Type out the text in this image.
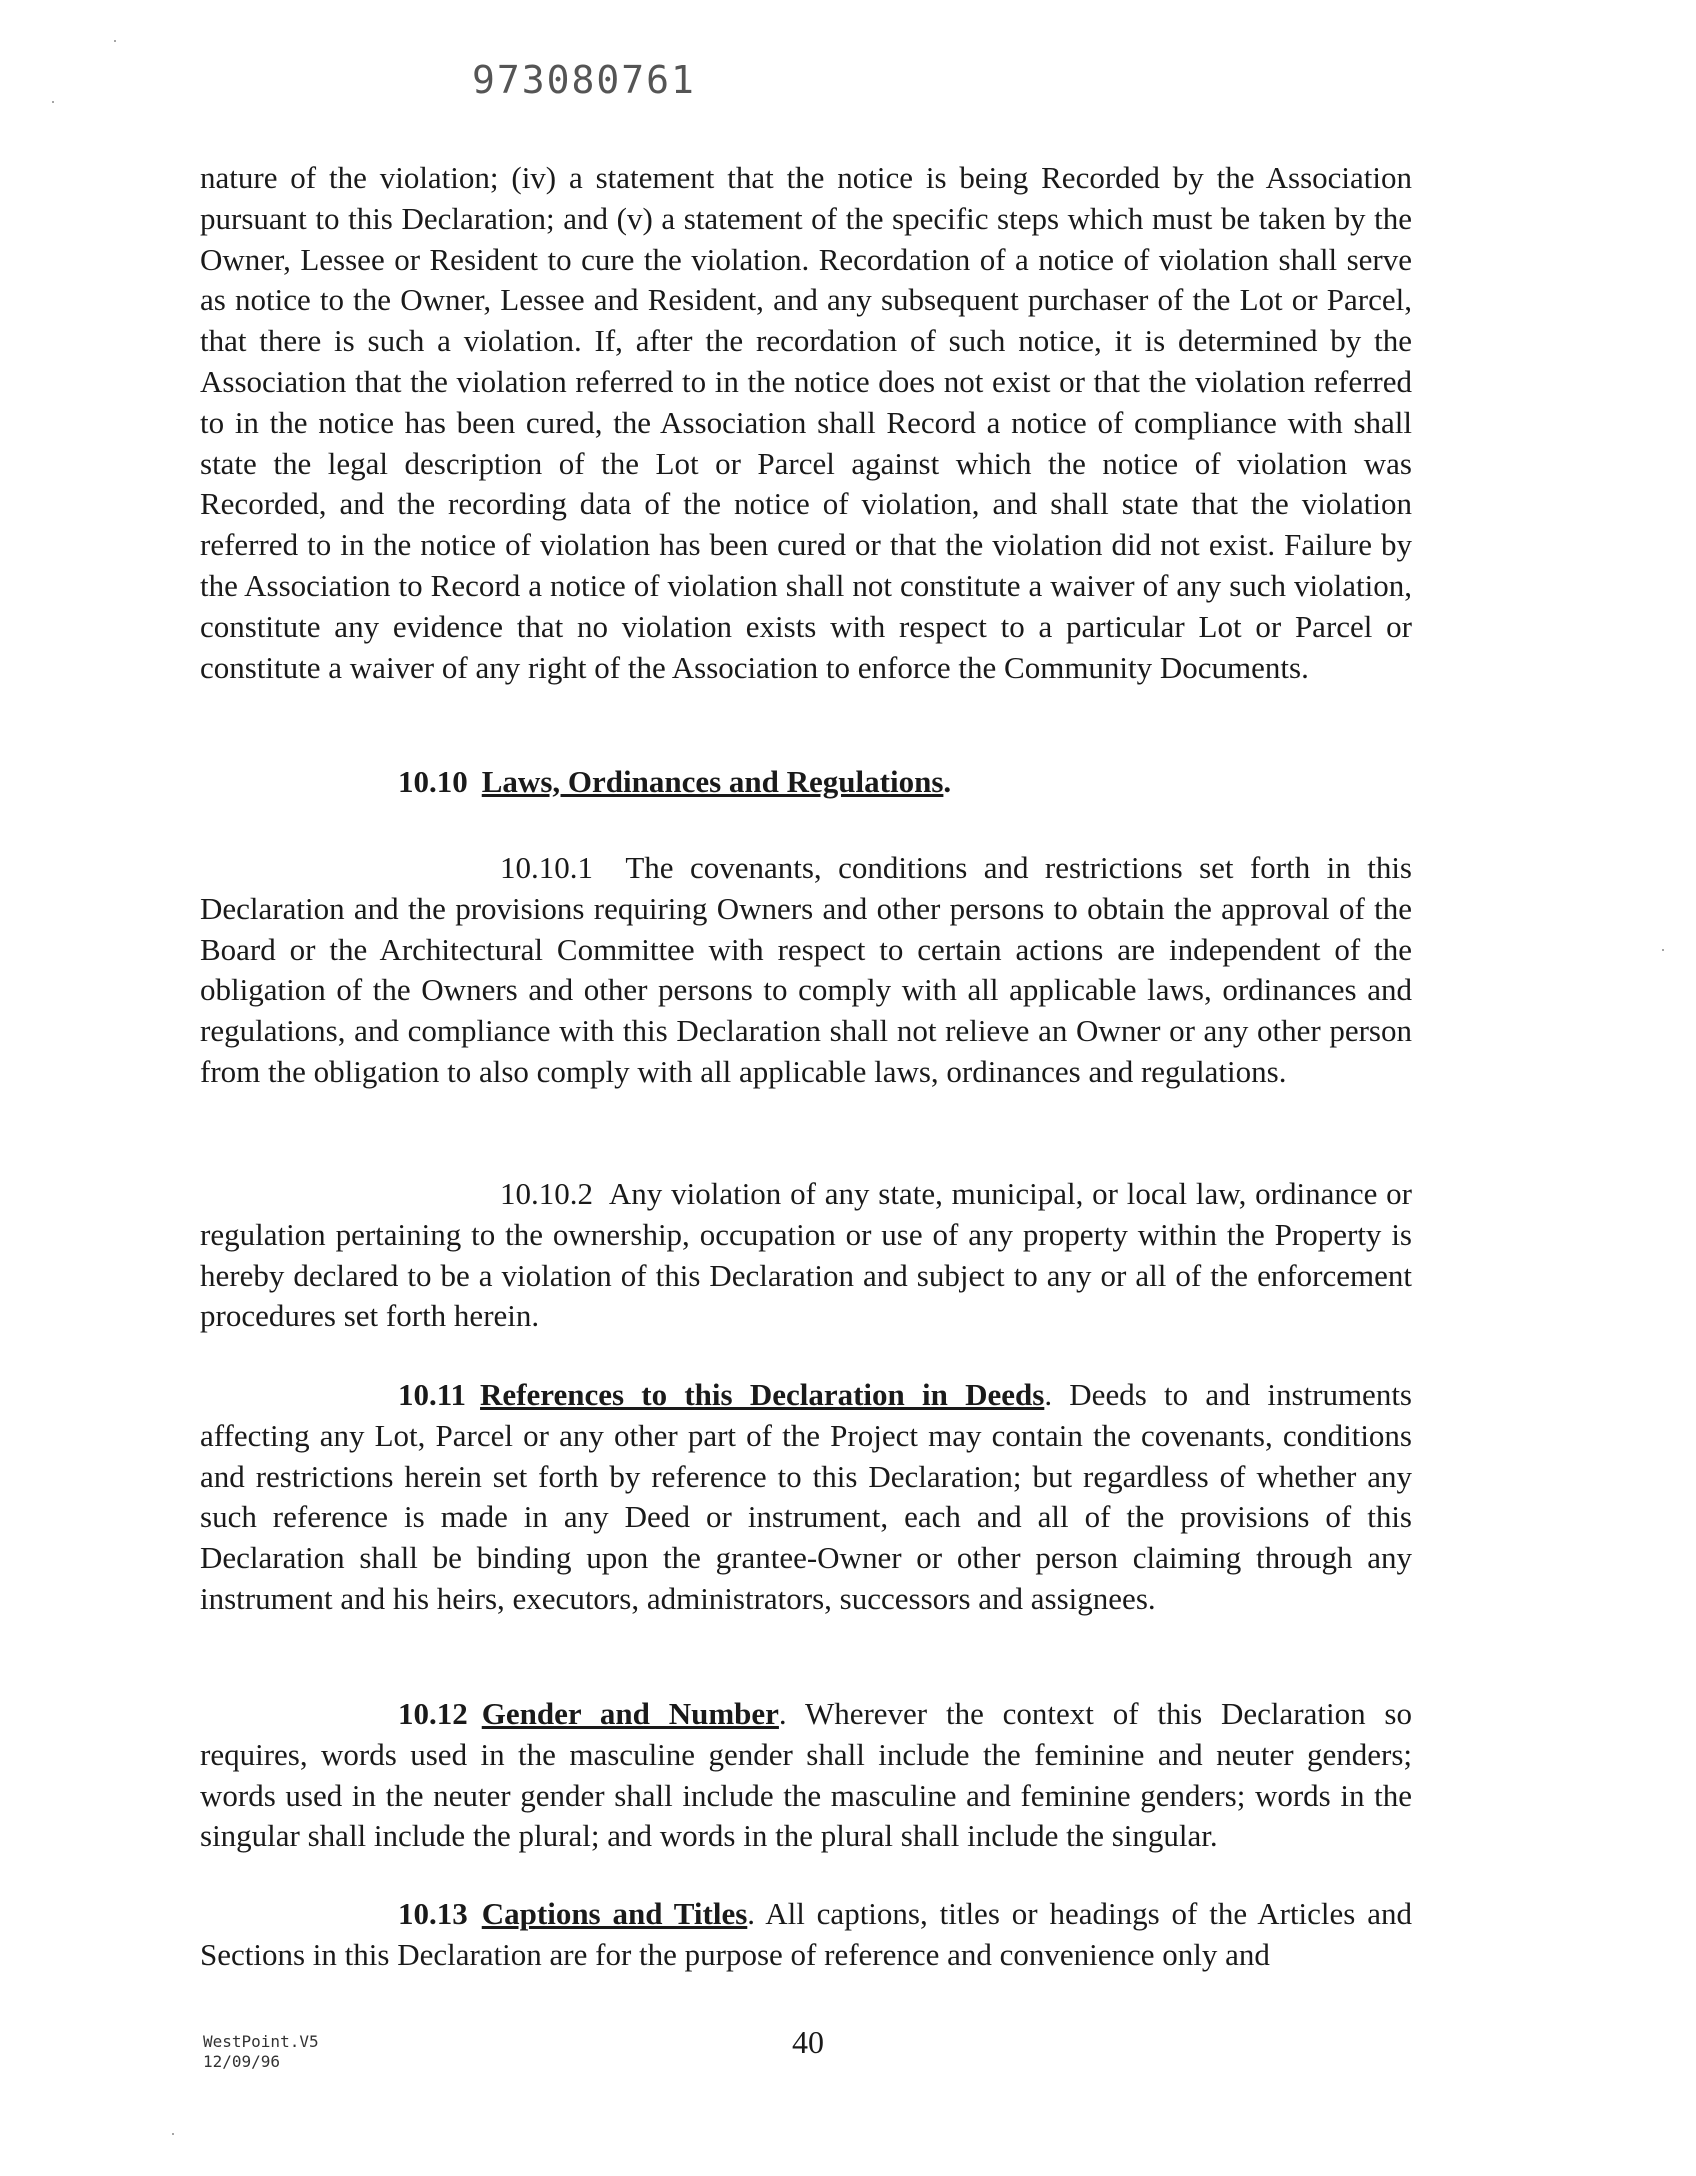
973080761

nature of the violation; (iv) a statement that the notice is being Recorded by the Association pursuant to this Declaration; and (v) a statement of the specific steps which must be taken by the Owner, Lessee or Resident to cure the violation. Recordation of a notice of violation shall serve as notice to the Owner, Lessee and Resident, and any subsequent purchaser of the Lot or Parcel, that there is such a violation. If, after the recordation of such notice, it is determined by the Association that the violation referred to in the notice does not exist or that the violation referred to in the notice has been cured, the Association shall Record a notice of compliance with shall state the legal description of the Lot or Parcel against which the notice of violation was Recorded, and the recording data of the notice of violation, and shall state that the violation referred to in the notice of violation has been cured or that the violation did not exist. Failure by the Association to Record a notice of violation shall not constitute a waiver of any such violation, constitute any evidence that no violation exists with respect to a particular Lot or Parcel or constitute a waiver of any right of the Association to enforce the Community Documents.

10.10 Laws, Ordinances and Regulations.

10.10.1 The covenants, conditions and restrictions set forth in this Declaration and the provisions requiring Owners and other persons to obtain the approval of the Board or the Architectural Committee with respect to certain actions are independent of the obligation of the Owners and other persons to comply with all applicable laws, ordinances and regulations, and compliance with this Declaration shall not relieve an Owner or any other person from the obligation to also comply with all applicable laws, ordinances and regulations.

10.10.2 Any violation of any state, municipal, or local law, ordinance or regulation pertaining to the ownership, occupation or use of any property within the Property is hereby declared to be a violation of this Declaration and subject to any or all of the enforcement procedures set forth herein.

10.11 References to this Declaration in Deeds. Deeds to and instruments affecting any Lot, Parcel or any other part of the Project may contain the covenants, conditions and restrictions herein set forth by reference to this Declaration; but regardless of whether any such reference is made in any Deed or instrument, each and all of the provisions of this Declaration shall be binding upon the grantee-Owner or other person claiming through any instrument and his heirs, executors, administrators, successors and assignees.

10.12 Gender and Number. Wherever the context of this Declaration so requires, words used in the masculine gender shall include the feminine and neuter genders; words used in the neuter gender shall include the masculine and feminine genders; words in the singular shall include the plural; and words in the plural shall include the singular.

10.13 Captions and Titles. All captions, titles or headings of the Articles and Sections in this Declaration are for the purpose of reference and convenience only and

WestPoint.V5
12/09/96
40
